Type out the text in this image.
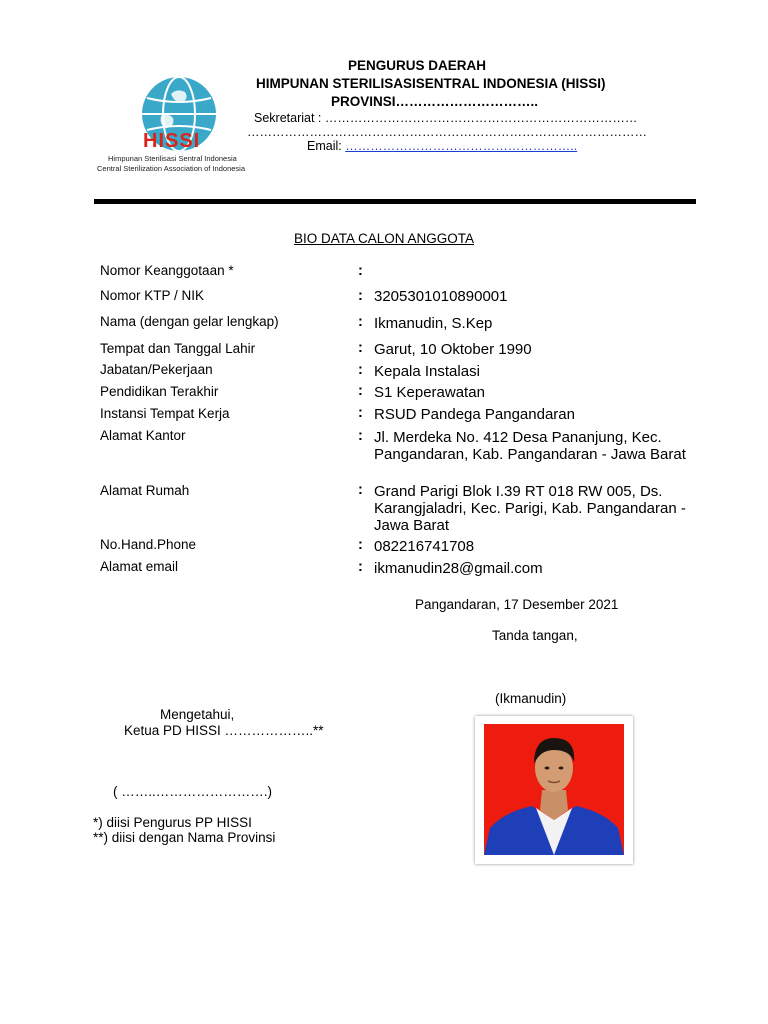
HISSI
Himpunan Sterilisasi Sentral Indonesia
Central Sterilization Association of Indonesia
PENGURUS DAERAH
HIMPUNAN STERILISASISENTRAL INDONESIA (HISSI)
PROVINSI…………………………..
Sekretariat : …………………………………………………………………
……………………………………………………………………………………
Email: ………………………………………………..
BIO DATA CALON ANGGOTA
Nomor Keanggotaan *	:
Nomor KTP / NIK	: 3205301010890001
Nama (dengan gelar lengkap)	: Ikmanudin, S.Kep
Tempat dan Tanggal Lahir	: Garut, 10 Oktober 1990
Jabatan/Pekerjaan	: Kepala Instalasi
Pendidikan Terakhir	: S1 Keperawatan
Instansi Tempat Kerja	: RSUD Pandega Pangandaran
Alamat Kantor	: Jl. Merdeka No. 412 Desa Pananjung, Kec. Pangandaran, Kab. Pangandaran - Jawa Barat
Alamat Rumah	: Grand Parigi Blok I.39 RT 018 RW 005, Ds. Karangjaladri, Kec. Parigi, Kab. Pangandaran - Jawa Barat
No.Hand.Phone	: 082216741708
Alamat email	: ikmanudin28@gmail.com
Pangandaran, 17 Desember 2021
Tanda tangan,
(Ikmanudin)
Mengetahui,
Ketua PD HISSI ………………..**
( ……..…………………….)
*) diisi Pengurus PP HISSI
**) diisi dengan Nama Provinsi
